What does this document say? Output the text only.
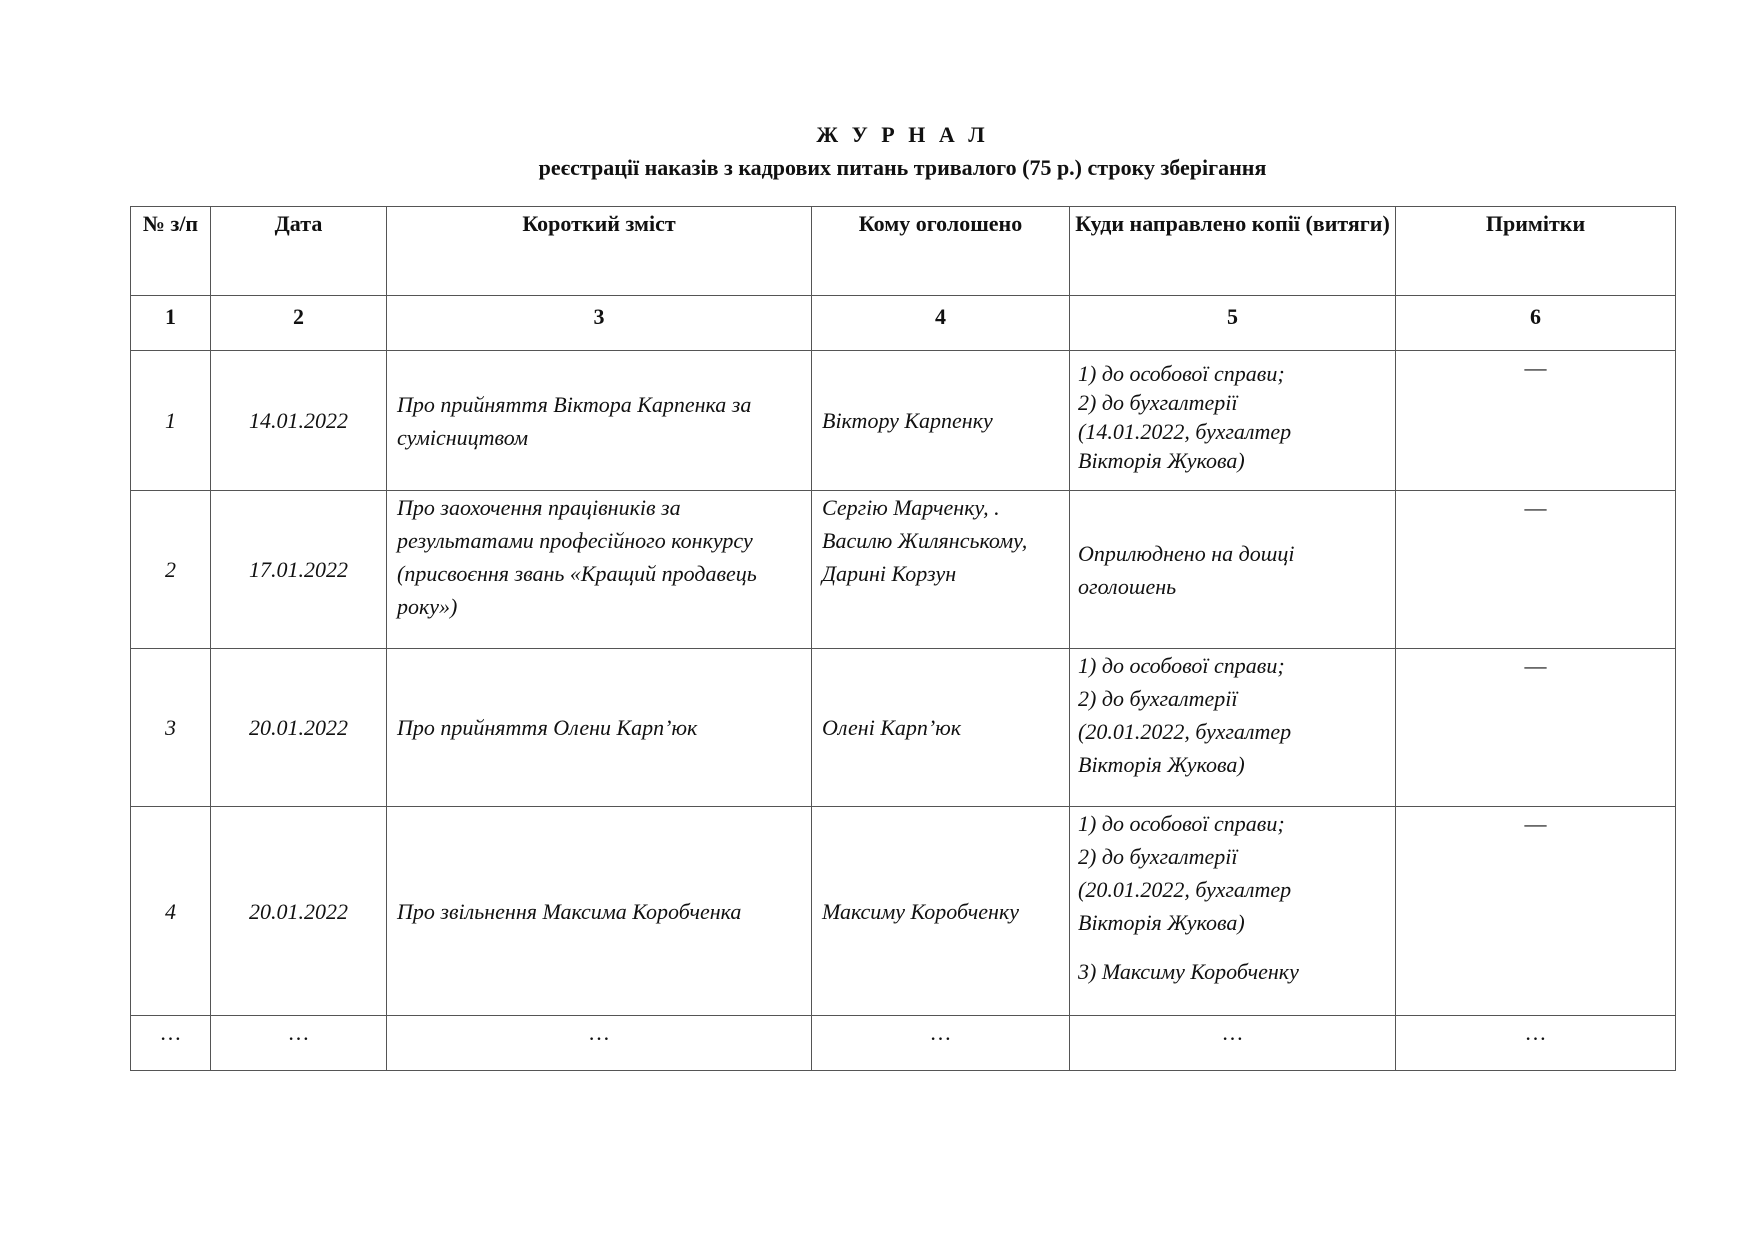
Ж У Р Н А Л
реєстрації наказів з кадрових питань тривалого (75 р.) строку зберігання
№ з/п	Дата	Короткий зміст	Кому оголошено	Куди направлено копії (витяги)	Примітки
1	2	3	4	5	6
1	14.01.2022	Про прийняття Віктора Карпенка за сумісництвом	Віктору Карпенку	1) до особової справи;
2) до бухгалтерії
(14.01.2022, бухгалтер
Вікторія Жукова)	—
2	17.01.2022	Про заохочення працівників за результатами професійного конкурсу (присвоєння звань «Кращий продавець року»)	Сергію Марченку, . Василю Жилянському, Дарині Корзун	Оприлюднено на дошці оголошень	—
3	20.01.2022	Про прийняття Олени Карп’юк	Олені Карп’юк	1) до особової справи;
2) до бухгалтерії
(20.01.2022, бухгалтер
Вікторія Жукова)	—
4	20.01.2022	Про звільнення Максима Коробченка	Максиму Коробченку	1) до особової справи;
2) до бухгалтерії
(20.01.2022, бухгалтер
Вікторія Жукова)
3) Максиму Коробченку	—
…	…	…	…	…	…
